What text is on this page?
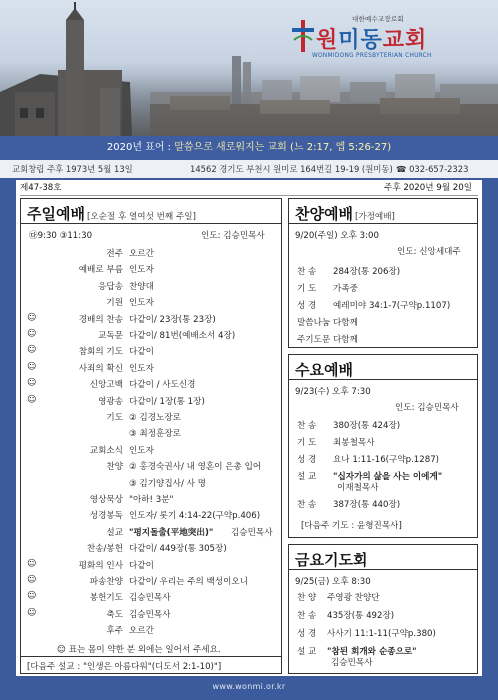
대한예수교장로회
원미동교회
WONMIDONG PRESBYTERIAN CHURCH
2020년 표어 : 말씀으로 새로워지는 교회 (느 2:17, 엡 5:26-27)
교회창립 주후 1973년 5월 13일	14562 경기도 부천시 원미로 164번길 19-19 (원미동) ☎ 032-657-2323
제47-38호	주후 2020년 9월 20일
주일예배 [오순절 후 열여섯 번째 주일]
㉰9:30 ③11:30	인도: 김승민목사
전주 오르간
예배로 부름 인도자
응답송 찬양대
기원 인도자
☺	경배의 찬송 다같이/ 23장(통 23장)
☺	교독문 다같이/ 81번(예배소서 4장)
☺	참회의 기도 다같이
☺	사죄의 확신 인도자
☺	신앙고백 다같이 / 사도신경
☺	영광송 다같이/ 1장(통 1장)
기도 ② 김경노장로
③ 최정훈장로
교회소식 인도자
찬양 ② 홍경숙권사/ 내 영혼이 은총 입어
③ 김기양집사/ 사 명
영상묵상 "아하! 3분"
성경봉독 인도자/ 롯기 4:14-22(구약p.406)
설교 "평지돌출(平地突出)" 김승민목사
찬송/봉헌 다같이/ 449장(통 305장)
☺	평화의 인사 다같이
☺	파송찬양 다같이/ 우리는 주의 백성이오니
☺	봉헌기도 김승민목사
☺	축도 김승민목사
후주 오르간
☺ 표는 몸이 약한 분 외에는 일어서 주세요.
[다음주 설교 : "인생은 아름다워"(디도서 2:1-10)"]
찬양예배 [가정예배]
9/20(주일) 오후 3:00
인도: 신앙세대주
찬 송 284장(통 206장)
기 도 가족중
성 경 예레미야 34:1-7(구약p.1107)
말씀나눔 다함께
주기도문 다함께
수요예배
9/23(수) 오후 7:30
인도: 김승민목사
찬 송 380장(통 424장)
기 도 최봉철목사
성 경 요나 1:11-16(구약p.1287)
설 교 "십자가의 삶을 사는 이에게"
이재철목사
찬 송 387장(통 440장)
[다음주 기도 : 윤형진목사]
금요기도회
9/25(금) 오후 8:30
찬 양 주영광 찬양단
찬 송 435장(통 492장)
성 경 사사기 11:1-11(구약p.380)
설 교 "참된 회개와 순종으로"
김승민목사
www.wonmi.or.kr
